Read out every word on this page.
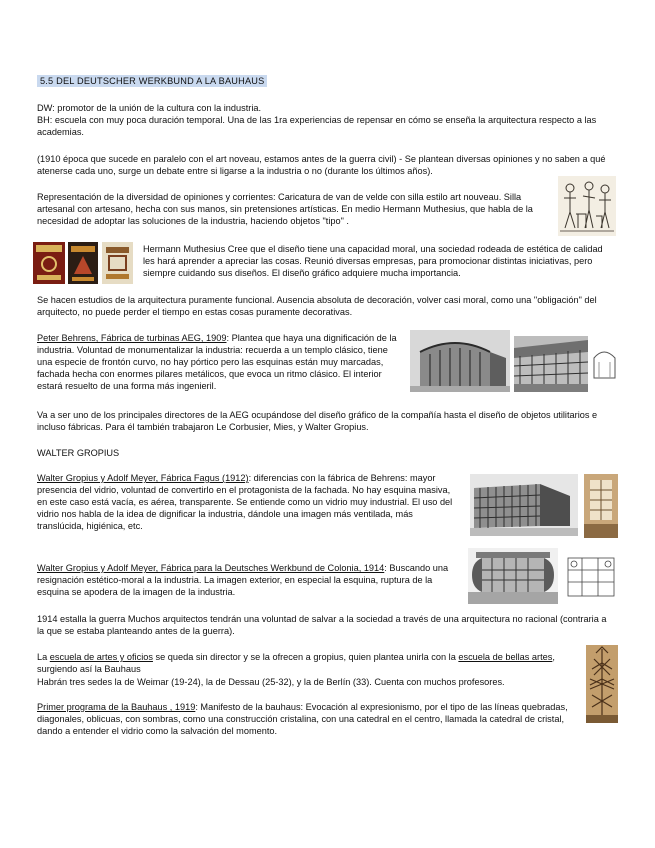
5.5 DEL DEUTSCHER WERKBUND A LA BAUHAUS

DW: promotor de la unión de la cultura con la industria.

BH: escuela con muy poca duración temporal. Una de las 1ra experiencias de repensar en cómo se enseña la arquitectura respecto a las academias.

(1910 época que sucede en paralelo con el art noveau, estamos antes de la guerra civil) - Se plantean diversas opiniones y no saben a qué atenerse cada uno, surge un debate entre si ligarse a la industria o no (durante los últimos años).

Representación de la diversidad de opiniones y corrientes: Caricatura de van de velde con silla estilo art nouveau. Silla artesanal con artesano, hecha con sus manos, sin pretensiones artísticas. En medio Hermann Muthesius, que habla de la necesidad de adoptar las soluciones de la industria, haciendo objetos "tipo" .

Hermann Muthesius Cree que el diseño tiene una capacidad moral, una sociedad rodeada de estética de calidad les hará aprender a apreciar las cosas. Reunió diversas empresas, para promocionar distintas iniciativas, pero siempre cuidando sus diseños. El diseño gráfico adquiere mucha importancia.

Se hacen estudios de la arquitectura puramente funcional. Ausencia absoluta de decoración, volver casi moral, como una "obligación" del arquitecto, no puede perder el tiempo en estas cosas puramente decorativas.

Peter Behrens, Fábrica de turbinas AEG, 1909: Plantea que haya una dignificación de la industria. Voluntad de monumentalizar la industria: recuerda a un templo clásico, tiene una especie de frontón curvo, no hay pórtico pero las esquinas están muy marcadas, fachada hecha con enormes pilares metálicos, que evoca un ritmo clásico. El interior estará resuelto de una forma más ingenieril.

Va a ser uno de los principales directores de la AEG ocupándose del diseño gráfico de la compañía hasta el diseño de objetos utilitarios e incluso fábricas. Para él también trabajaron Le Corbusier, Mies, y Walter Gropius.

WALTER GROPIUS

Walter Gropius y Adolf Meyer, Fábrica Fagus (1912): diferencias con la fábrica de Behrens: mayor presencia del vidrio, voluntad de convertirlo en el protagonista de la fachada. No hay esquina masiva, en este caso está vacía, es aérea, transparente. Se entiende como un vidrio muy industrial. El uso del vidrio nos habla de la idea de dignificar la industria, dándole una imagen más ventilada, más translúcida, higiénica, etc.

Walter Gropius y Adolf Meyer, Fábrica para la Deutsches Werkbund de Colonia, 1914: Buscando una resignación estético-moral a la industria. La imagen exterior, en especial la esquina, ruptura de la esquina se apodera de la imagen de la industria.

1914 estalla la guerra Muchos arquitectos tendrán una voluntad de salvar a la sociedad a través de una arquitectura no racional (contraria a la que se estaba planteando antes de la guerra).

La escuela de artes y oficios se queda sin director y se la ofrecen a gropius, quien plantea unirla con la escuela de bellas artes, surgiendo así la Bauhaus

Habrán tres sedes la de Weimar (19-24), la de Dessau (25-32), y la de Berlín (33). Cuenta con muchos profesores.

Primer programa de la Bauhaus , 1919: Manifesto de la bauhaus: Evocación al expresionismo, por el tipo de las líneas quebradas, diagonales, oblicuas, con sombras, como una construcción cristalina, con una catedral en el centro, llamada la catedral de cristal, dando a entender el vidrio como la salvación del momento.
